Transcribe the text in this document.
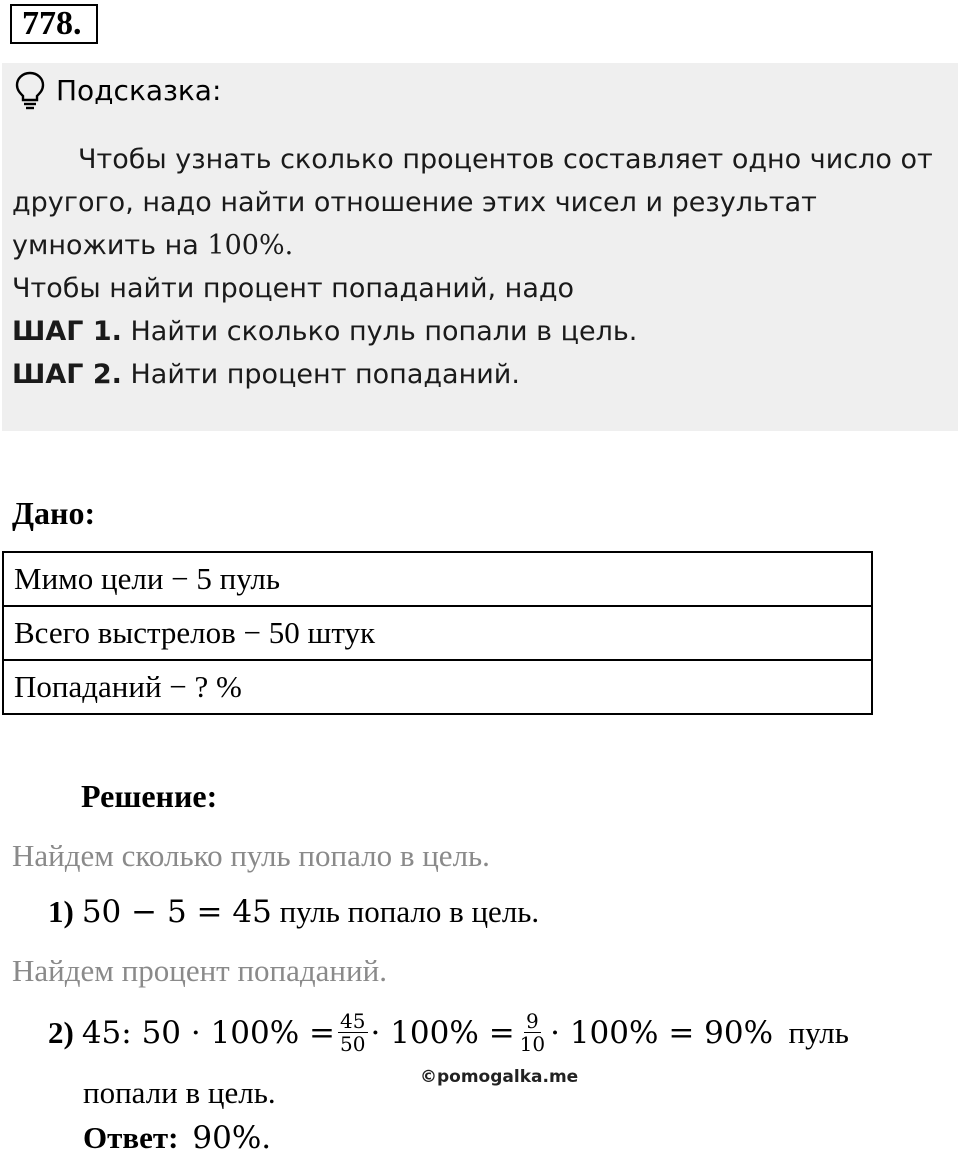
778.
Подсказка:

Чтобы узнать сколько процентов составляет одно число от

другого, надо найти отношение этих чисел и результат

умножить на 100%.

Чтобы найти процент попаданий, надо

ШАГ 1. Найти сколько пуль попали в цель.

ШАГ 2. Найти процент попаданий.

Дано:
Мимо цели − 5 пуль
Всего выстрелов − 50 штук
Попаданий − ? %
Решение:
Найдем сколько пуль попало в цель.
1) 50 − 5 = 45 пуль попало в цель.
Найдем процент попаданий.
2) 45: $50 \cdot 100\% = \frac{45}{50} \cdot 100\% = \frac{9}{10} \cdot 100\% = 90\%$ пуль
©pomogalka.me
попали в цель.
Ответ: 90%.
